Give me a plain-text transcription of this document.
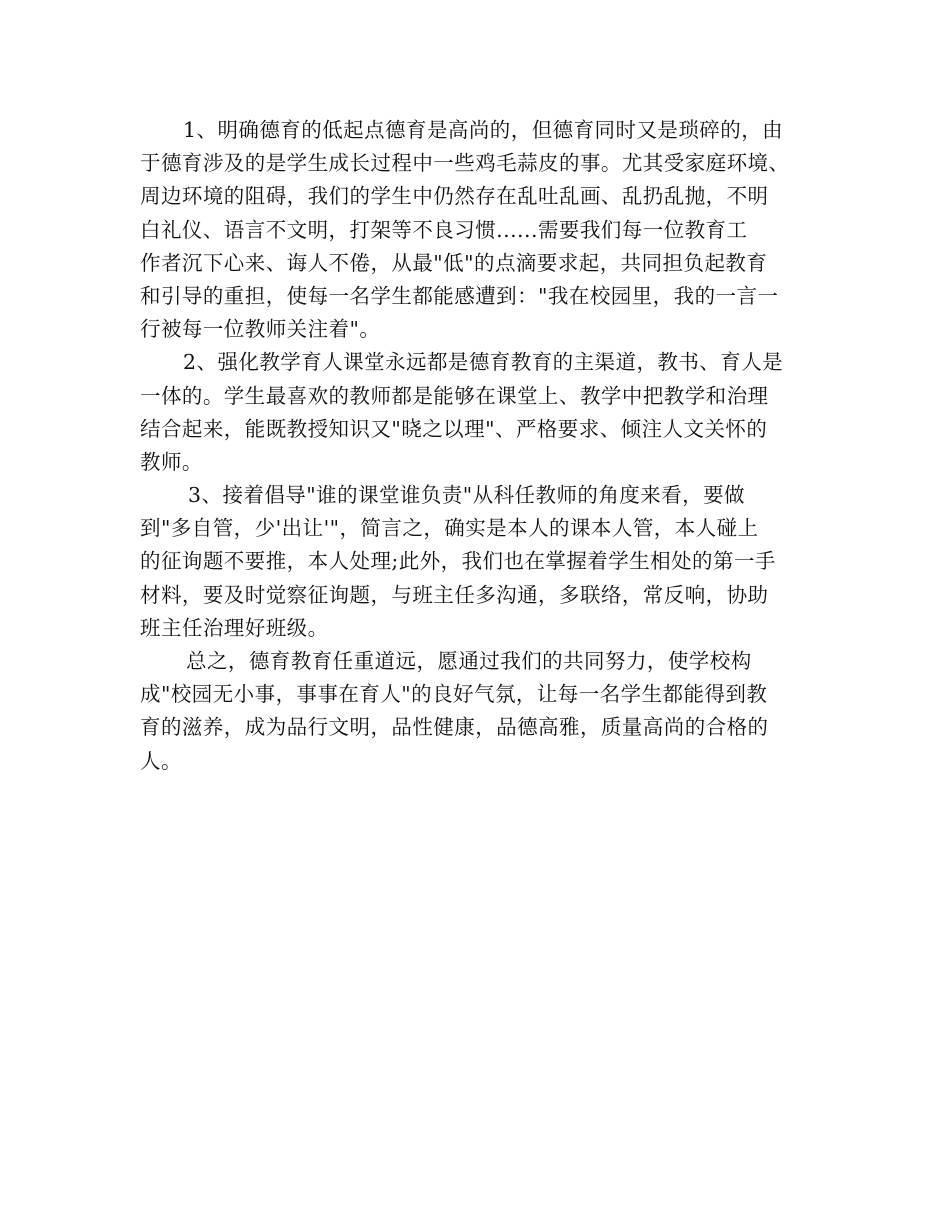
1、明确德育的低起点德育是高尚的，但德育同时又是琐碎的，由
于德育涉及的是学生成长过程中一些鸡毛蒜皮的事。尤其受家庭环境、
周边环境的阻碍，我们的学生中仍然存在乱吐乱画、乱扔乱抛，不明
白礼仪、语言不文明，打架等不良习惯......需要我们每一位教育工
作者沉下心来、诲人不倦，从最"低"的点滴要求起，共同担负起教育
和引导的重担，使每一名学生都能感遭到："我在校园里，我的一言一
行被每一位教师关注着"。
2、强化教学育人课堂永远都是德育教育的主渠道，教书、育人是
一体的。学生最喜欢的教师都是能够在课堂上、教学中把教学和治理
结合起来，能既教授知识又"晓之以理"、严格要求、倾注人文关怀的
教师。
3、接着倡导"谁的课堂谁负责"从科任教师的角度来看，要做
到"多自管，少'出让'"，简言之，确实是本人的课本人管，本人碰上
的征询题不要推，本人处理;此外，我们也在掌握着学生相处的第一手
材料，要及时觉察征询题，与班主任多沟通，多联络，常反响，协助
班主任治理好班级。
总之，德育教育任重道远，愿通过我们的共同努力，使学校构
成"校园无小事，事事在育人"的良好气氛，让每一名学生都能得到教
育的滋养，成为品行文明，品性健康，品德高雅，质量高尚的合格的
人。
